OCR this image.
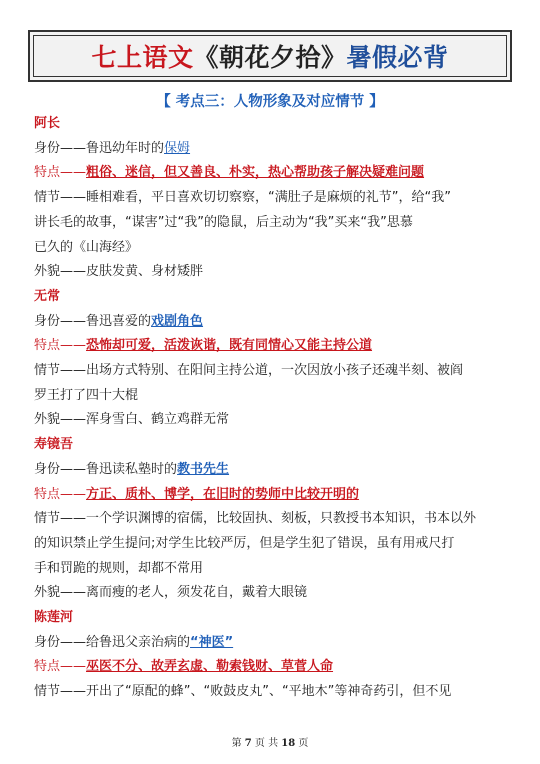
七上语文《朝花夕拾》暑假必背
【 考点三：人物形象及对应情节 】
阿长
身份——鲁迅幼年时的保姆
特点——粗俗、迷信，但又善良、朴实，热心帮助孩子解决疑难问题
情节——睡相难看，平日喜欢切切察察，“满肚子是麻烦的礼节”，给“我”
讲长毛的故事，“谋害”过“我”的隐鼠，后主动为“我”买来“我”思慕
已久的《山海经》
外貌——皮肤发黄、身材矮胖
无常
身份——鲁迅喜爱的戏剧角色
特点——恐怖却可爱，活泼诙谐，既有同情心又能主持公道
情节——出场方式特别、在阳间主持公道，一次因放小孩子还魂半刻、被阎
罗王打了四十大棍
外貌——浑身雪白、鹤立鸡群无常
寿镜吾
身份——鲁迅读私塾时的教书先生
特点——方正、质朴、博学，在旧时的势师中比较开明的
情节——一个学识渊博的宿儒，比较固执、刻板，只教授书本知识，书本以外
的知识禁止学生提问;对学生比较严厉，但是学生犯了错误，虽有用戒尺打
手和罚跪的规则，却都不常用
外貌——离而瘦的老人，须发花自，戴着大眼镜
陈莲河
身份——给鲁迅父亲治病的“神医”
特点——巫医不分、故弄玄虚、勒索钱财、草菅人命
情节——开出了“原配的蜂”、“败鼓皮丸”、“平地木”等神奇药引，但不见
第 7 页 共 18 页
